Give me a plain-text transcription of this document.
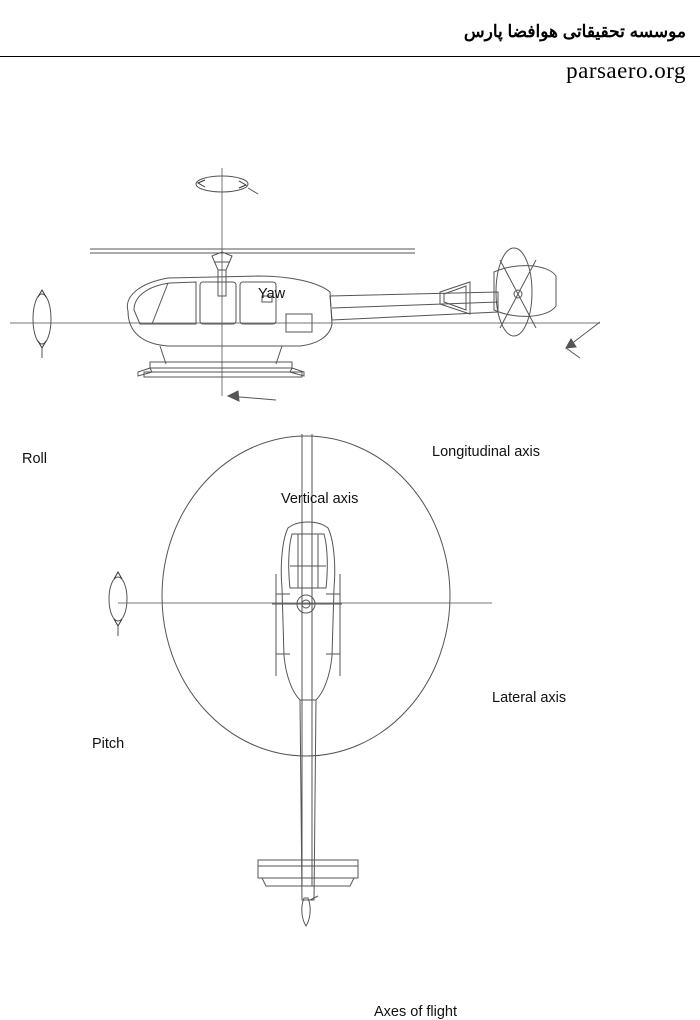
موسسه تحقیقاتی هوافضا پارس
parsaero.org
Yaw
Roll	Longitudinal axis
Vertical axis
Lateral axis
Pitch
Axes of flight
